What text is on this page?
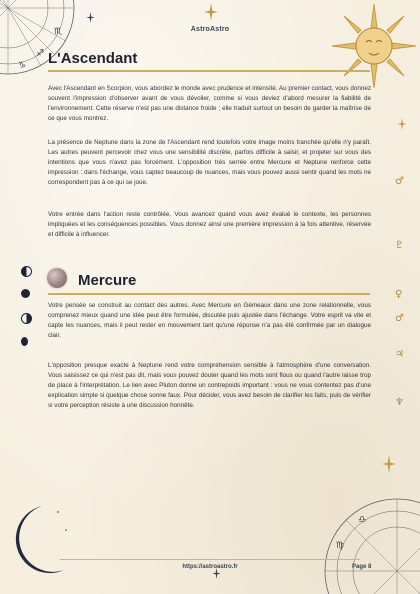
♐
♏
♑
AstroAstro
L'Ascendant

Avec l'Ascendant en Scorpion, vous abordez le monde avec prudence et intensité. Au premier contact, vous donnez souvent l'impression d'observer avant de vous dévoiler, comme si vous deviez d'abord mesurer la fiabilité de l'environnement. Cette réserve n'est pas une distance froide ; elle traduit surtout un besoin de garder la maîtrise de ce que vous montrez.

La présence de Neptune dans la zone de l'Ascendant rend toutefois votre image moins tranchée qu'elle n'y paraît. Les autres peuvent percevoir chez vous une sensibilité discrète, parfois difficile à saisir, et projeter sur vous des intentions que vous n'avez pas forcément. L'opposition très serrée entre Mercure et Neptune renforce cette impression : dans l'échange, vous captez beaucoup de nuances, mais vous pouvez aussi sentir quand les mots ne correspondent pas à ce qui se joue.

Votre entrée dans l'action reste contrôlée. Vous avancez quand vous avez évalué le contexte, les personnes impliquées et les conséquences possibles. Vous donnez ainsi une première impression à la fois attentive, réservée et difficile à influencer.

Mercure

Votre pensée se construit au contact des autres. Avec Mercure en Gémeaux dans une zone relationnelle, vous comprenez mieux quand une idée peut être formulée, discutée puis ajustée dans l'échange. Votre esprit va vite et capte les nuances, mais il peut rester en mouvement tant qu'une réponse n'a pas été confirmée par un dialogue clair.

L'opposition presque exacte à Neptune rend votre compréhension sensible à l'atmosphère d'une conversation. Vous saisissez ce qui n'est pas dit, mais vous pouvez douter quand les mots sont flous ou quand l'autre laisse trop de place à l'interprétation. Le lien avec Pluton donne un contrepoids important : vous ne vous contentez pas d'une explication simple si quelque chose sonne faux. Pour décider, vous avez besoin de clarifier les faits, puis de vérifier si votre perception résiste à une discussion honnête.

♂
♇
♀
♂
♃
♆
♍
♎
https://astroastro.fr	Page 8
